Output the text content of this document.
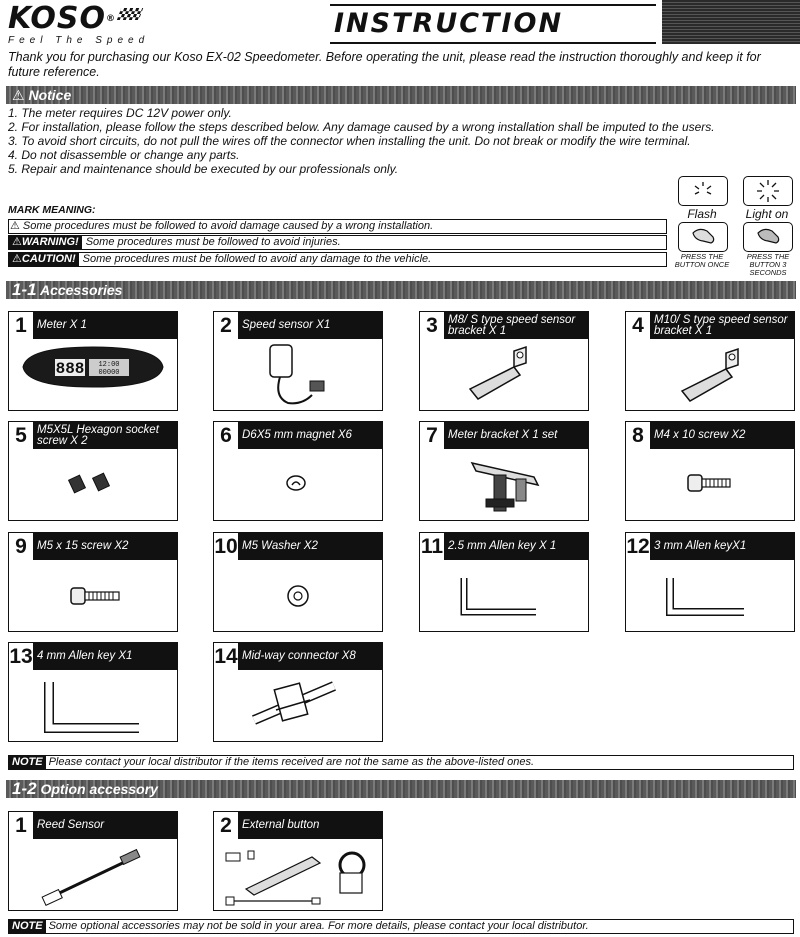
KOSO®
Feel The Speed
INSTRUCTION
Thank you for purchasing our Koso EX-02 Speedometer. Before operating the unit, please read the instruction thoroughly and keep it for future reference.
⚠ Notice
1. The meter requires DC 12V power only.
2. For installation, please follow the steps described below. Any damage caused by a wrong installation shall be imputed to the users.
3. To avoid short circuits, do not pull the wires off the connector when installing the unit. Do not break or modify the wire terminal.
4. Do not disassemble or change any parts.
5. Repair and maintenance should be executed by our professionals only.
MARK MEANING:
⚠ Some procedures must be followed to avoid damage caused by a wrong installation.
⚠WARNING! Some procedures must be followed to avoid injuries.
⚠CAUTION! Some procedures must be followed to avoid any damage to the vehicle.
Flash	Light on
PRESS THE BUTTON ONCE
PRESS THE BUTTON 3 SECONDS
1-1 Accessories
1 Meter X 1
888 12:00
00000
2 Speed sensor X1	3 M8/ S type speed sensor bracket X 1	4 M10/ S type speed sensor bracket X 1
5 M5X5L Hexagon socket screw X 2	6 D6X5 mm magnet X6	7 Meter bracket X 1 set	8 M4 x 10 screw X2
9 M5 x 15 screw X2	10 M5 Washer X2	11 2.5 mm Allen key X 1	12 3 mm Allen keyX1
13 4 mm Allen key X1	14 Mid-way connector X8
NOTE Please contact your local distributor if the items received are not the same as the above-listed ones.
1-2 Option accessory
1 Reed Sensor	2 External button
NOTE Some optional accessories may not be sold in your area. For more details, please contact your local distributor.
